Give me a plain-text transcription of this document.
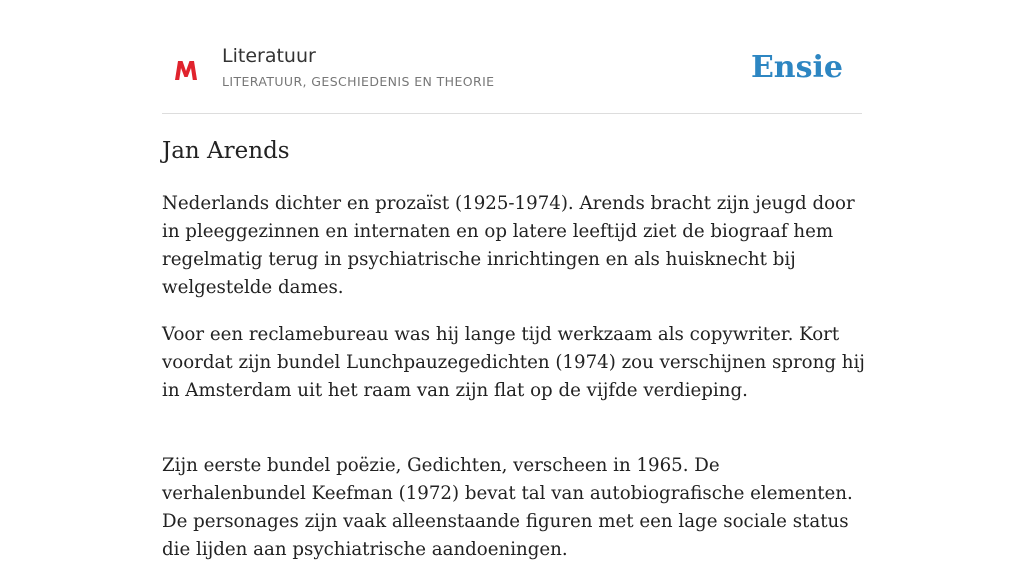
Literatuur
LITERATUUR, GESCHIEDENIS EN THEORIE	Ensie
Jan Arends

Nederlands dichter en prozaïst (1925-1974). Arends bracht zijn jeugd door in pleeggezinnen en internaten en op latere leeftijd ziet de biograaf hem regelmatig terug in psychiatrische inrichtingen en als huisknecht bij welgestelde dames.

Voor een reclamebureau was hij lange tijd werkzaam als copywriter. Kort voordat zijn bundel Lunchpauzegedichten (1974) zou verschijnen sprong hij in Amsterdam uit het raam van zijn flat op de vijfde verdieping.

Zijn eerste bundel poëzie, Gedichten, verscheen in 1965. De verhalenbundel Keefman (1972) bevat tal van autobiografische elementen. De personages zijn vaak alleenstaande figuren met een lage sociale status die lijden aan psychiatrische aandoeningen.
